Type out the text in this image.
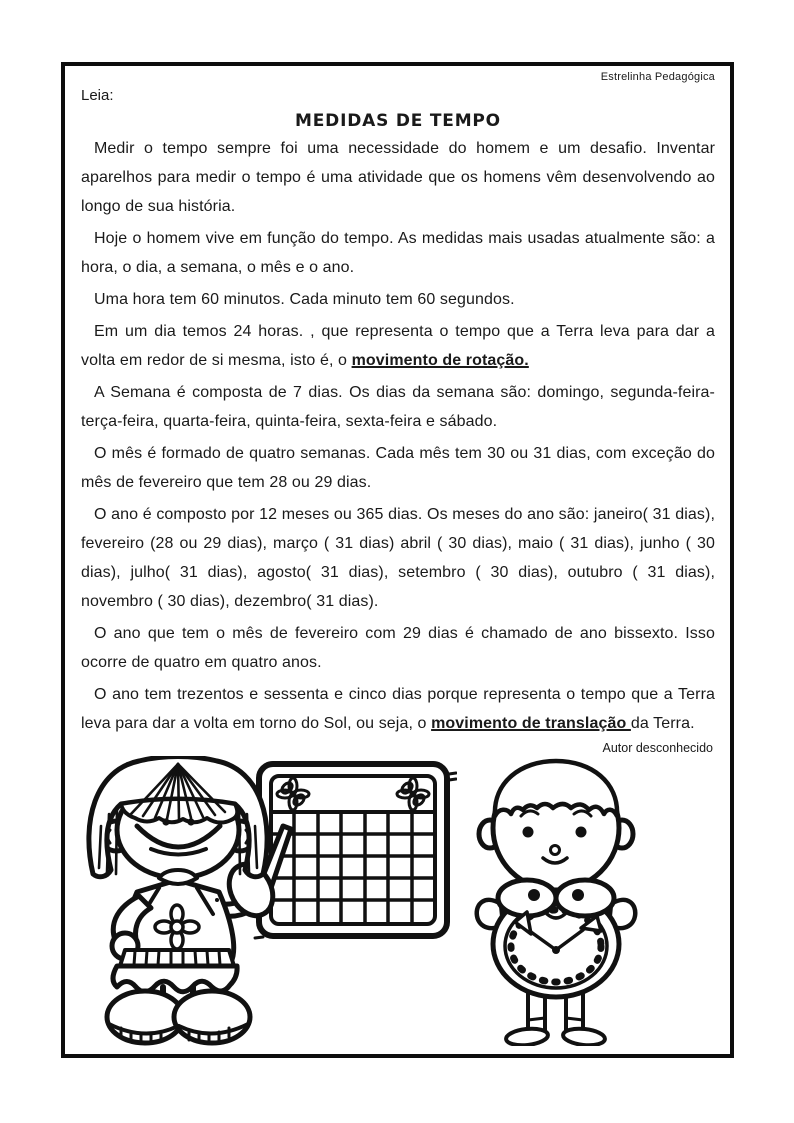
Estrelinha Pedagógica
Leia:
MEDIDAS DE TEMPO

Medir o tempo sempre foi uma necessidade do homem e um desafio. Inventar aparelhos para medir o tempo é uma atividade que os homens vêm desenvolvendo ao longo de sua história.

Hoje o homem vive em função do tempo. As medidas mais usadas atualmente são: a hora, o dia, a semana, o mês e o ano.

Uma hora tem 60 minutos. Cada minuto tem 60 segundos.

Em um dia temos 24 horas. , que representa o tempo que a Terra leva para dar a volta em redor de si mesma, isto é, o movimento de rotação.

A Semana é composta de 7 dias. Os dias da semana são: domingo, segunda-feira- terça-feira, quarta-feira, quinta-feira, sexta-feira e sábado.

O mês é formado de quatro semanas. Cada mês tem 30 ou 31 dias, com exceção do mês de fevereiro que tem 28 ou 29 dias.

O ano é composto por 12 meses ou 365 dias. Os meses do ano são: janeiro( 31 dias), fevereiro (28 ou 29 dias), março ( 31 dias) abril ( 30 dias), maio ( 31 dias), junho ( 30 dias), julho( 31 dias), agosto( 31 dias), setembro ( 30 dias), outubro ( 31 dias), novembro ( 30 dias), dezembro( 31 dias).

O ano que tem o mês de fevereiro com 29 dias é chamado de ano bissexto. Isso ocorre de quatro em quatro anos.

O ano tem trezentos e sessenta e cinco dias porque representa o tempo que a Terra leva para dar a volta em torno do Sol, ou seja, o movimento de translação da Terra.

Autor desconhecido
